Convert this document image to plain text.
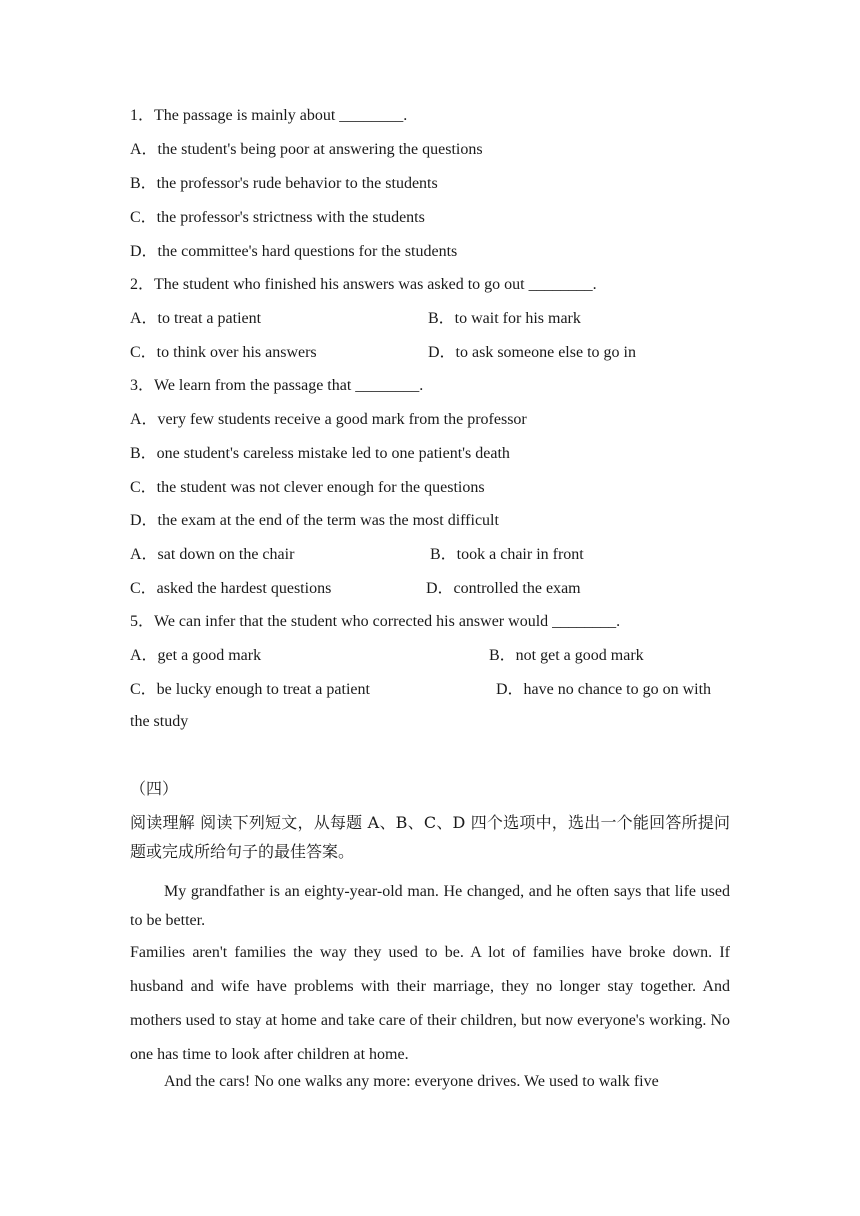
1．The passage is mainly about ________.
A．the student's being poor at answering the questions
B．the professor's rude behavior to the students
C．the professor's strictness with the students
D．the committee's hard questions for the students
2．The student who finished his answers was asked to go out ________.
A．to treat a patient	B．to wait for his mark
C．to think over his answers	D．to ask someone else to go in
3．We learn from the passage that ________.
A．very few students receive a good mark from the professor
B．one student's careless mistake led to one patient's death
C．the student was not clever enough for the questions
D．the exam at the end of the term was the most difficult
A．sat down on the chair	B．took a chair in front
C．asked the hardest questions	D．controlled the exam
5．We can infer that the student who corrected his answer would ________.
A．get a good mark	B．not get a good mark
C．be lucky enough to treat a patient	D．have no chance to go on with
the study
（四）
阅读理解 阅读下列短文，从每题 A、B、C、D 四个选项中，选出一个能回答所提问题或完成所给句子的最佳答案。
My grandfather is an eighty-year-old man. He changed, and he often says that life used to be better.
Families aren't families the way they used to be. A lot of families have broke down. If husband and wife have problems with their marriage, they no longer stay together. And mothers used to stay at home and take care of their children, but now everyone's working. No one has time to look after children at home.
And the cars! No one walks any more: everyone drives. We used to walk five
